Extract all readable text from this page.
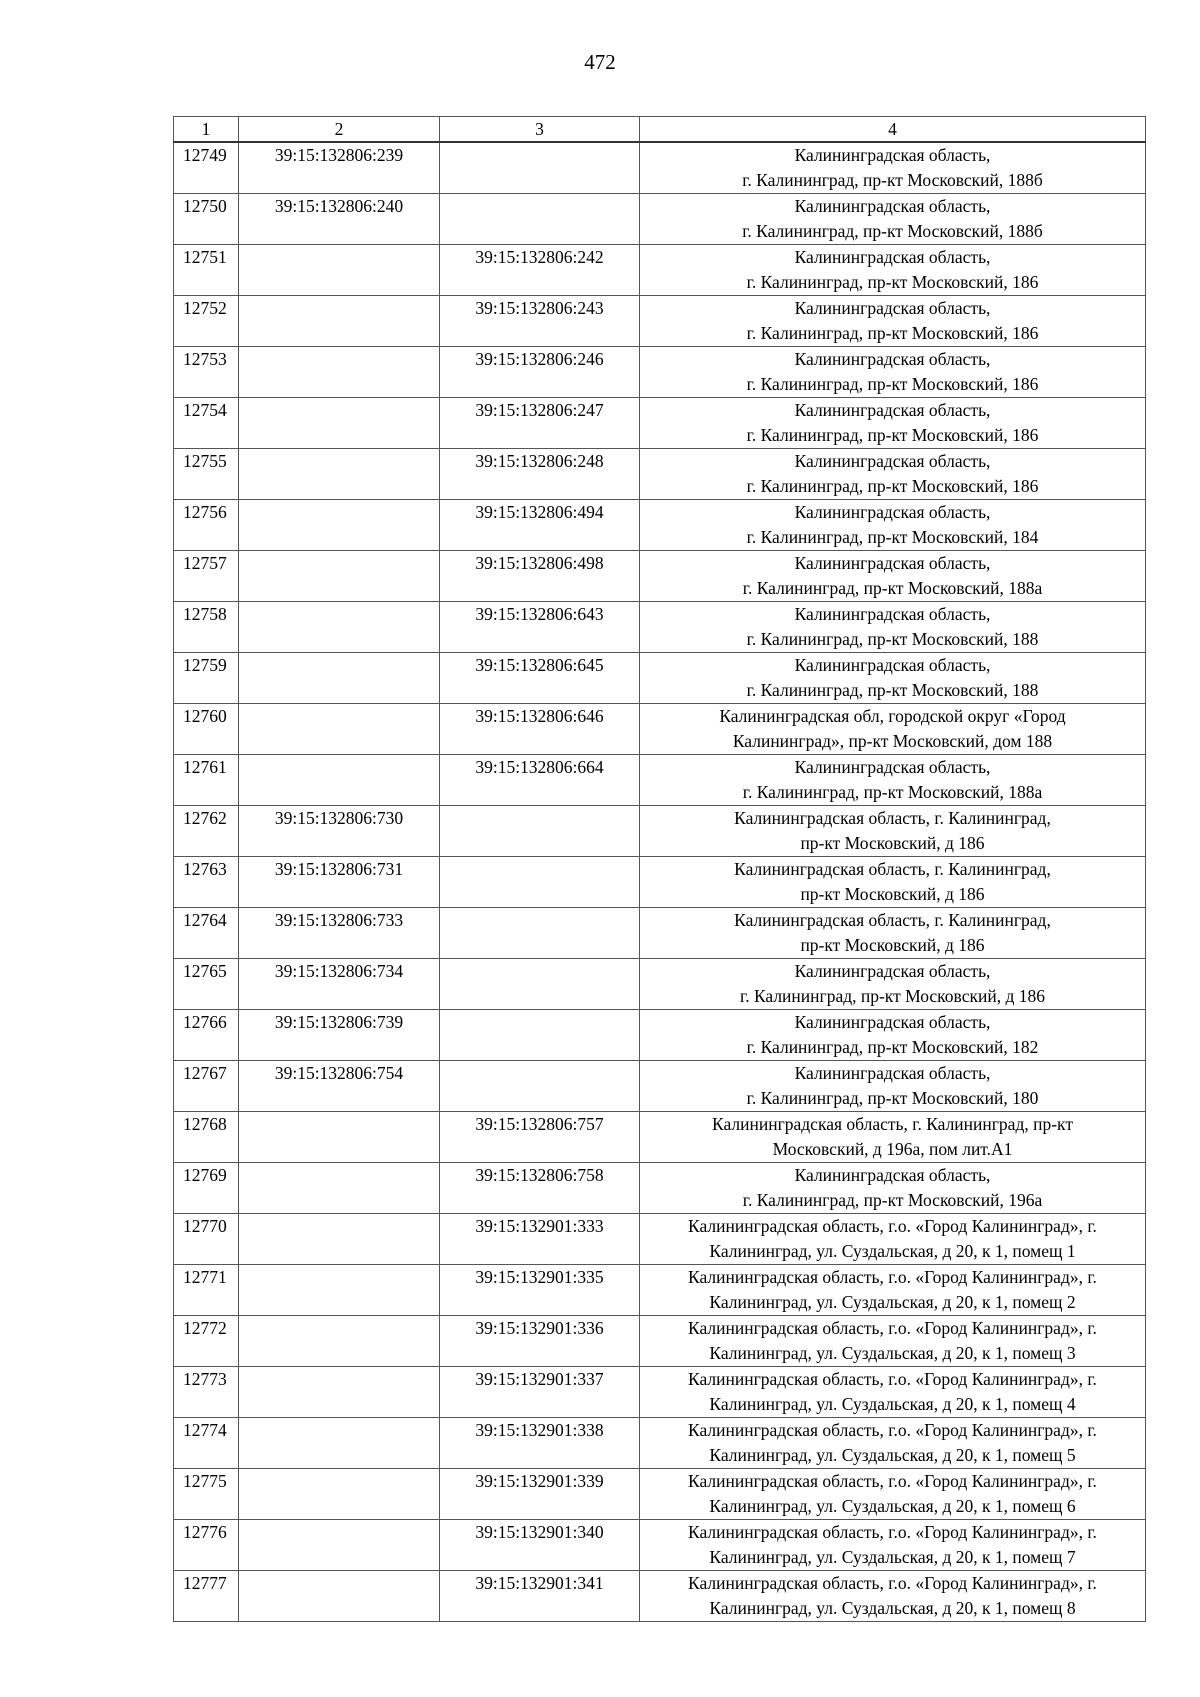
472
1	2	3	4
12749	39:15:132806:239		Калининградская область,
г. Калининград, пр-кт Московский, 188б

12750	39:15:132806:240		Калининградская область,
г. Калининград, пр-кт Московский, 188б

12751		39:15:132806:242	Калининградская область,
г. Калининград, пр-кт Московский, 186

12752		39:15:132806:243	Калининградская область,
г. Калининград, пр-кт Московский, 186

12753		39:15:132806:246	Калининградская область,
г. Калининград, пр-кт Московский, 186

12754		39:15:132806:247	Калининградская область,
г. Калининград, пр-кт Московский, 186

12755		39:15:132806:248	Калининградская область,
г. Калининград, пр-кт Московский, 186

12756		39:15:132806:494	Калининградская область,
г. Калининград, пр-кт Московский, 184

12757		39:15:132806:498	Калининградская область,
г. Калининград, пр-кт Московский, 188а

12758		39:15:132806:643	Калининградская область,
г. Калининград, пр-кт Московский, 188

12759		39:15:132806:645	Калининградская область,
г. Калининград, пр-кт Московский, 188

12760		39:15:132806:646	Калининградская обл, городской округ «Город
Калининград», пр-кт Московский, дом 188

12761		39:15:132806:664	Калининградская область,
г. Калининград, пр-кт Московский, 188а

12762	39:15:132806:730		Калининградская область, г. Калининград,
пр-кт Московский, д 186

12763	39:15:132806:731		Калининградская область, г. Калининград,
пр-кт Московский, д 186

12764	39:15:132806:733		Калининградская область, г. Калининград,
пр-кт Московский, д 186

12765	39:15:132806:734		Калининградская область,
г. Калининград, пр-кт Московский, д 186

12766	39:15:132806:739		Калининградская область,
г. Калининград, пр-кт Московский, 182

12767	39:15:132806:754		Калининградская область,
г. Калининград, пр-кт Московский, 180

12768		39:15:132806:757	Калининградская область, г. Калининград, пр-кт
Московский, д 196а, пом лит.А1

12769		39:15:132806:758	Калининградская область,
г. Калининград, пр-кт Московский, 196а

12770		39:15:132901:333	Калининградская область, г.о. «Город Калининград», г.
Калининград, ул. Суздальская, д 20, к 1, помещ 1

12771		39:15:132901:335	Калининградская область, г.о. «Город Калининград», г.
Калининград, ул. Суздальская, д 20, к 1, помещ 2

12772		39:15:132901:336	Калининградская область, г.о. «Город Калининград», г.
Калининград, ул. Суздальская, д 20, к 1, помещ 3

12773		39:15:132901:337	Калининградская область, г.о. «Город Калининград», г.
Калининград, ул. Суздальская, д 20, к 1, помещ 4

12774		39:15:132901:338	Калининградская область, г.о. «Город Калининград», г.
Калининград, ул. Суздальская, д 20, к 1, помещ 5

12775		39:15:132901:339	Калининградская область, г.о. «Город Калининград», г.
Калининград, ул. Суздальская, д 20, к 1, помещ 6

12776		39:15:132901:340	Калининградская область, г.о. «Город Калининград», г.
Калининград, ул. Суздальская, д 20, к 1, помещ 7

12777		39:15:132901:341	Калининградская область, г.о. «Город Калининград», г.
Калининград, ул. Суздальская, д 20, к 1, помещ 8
